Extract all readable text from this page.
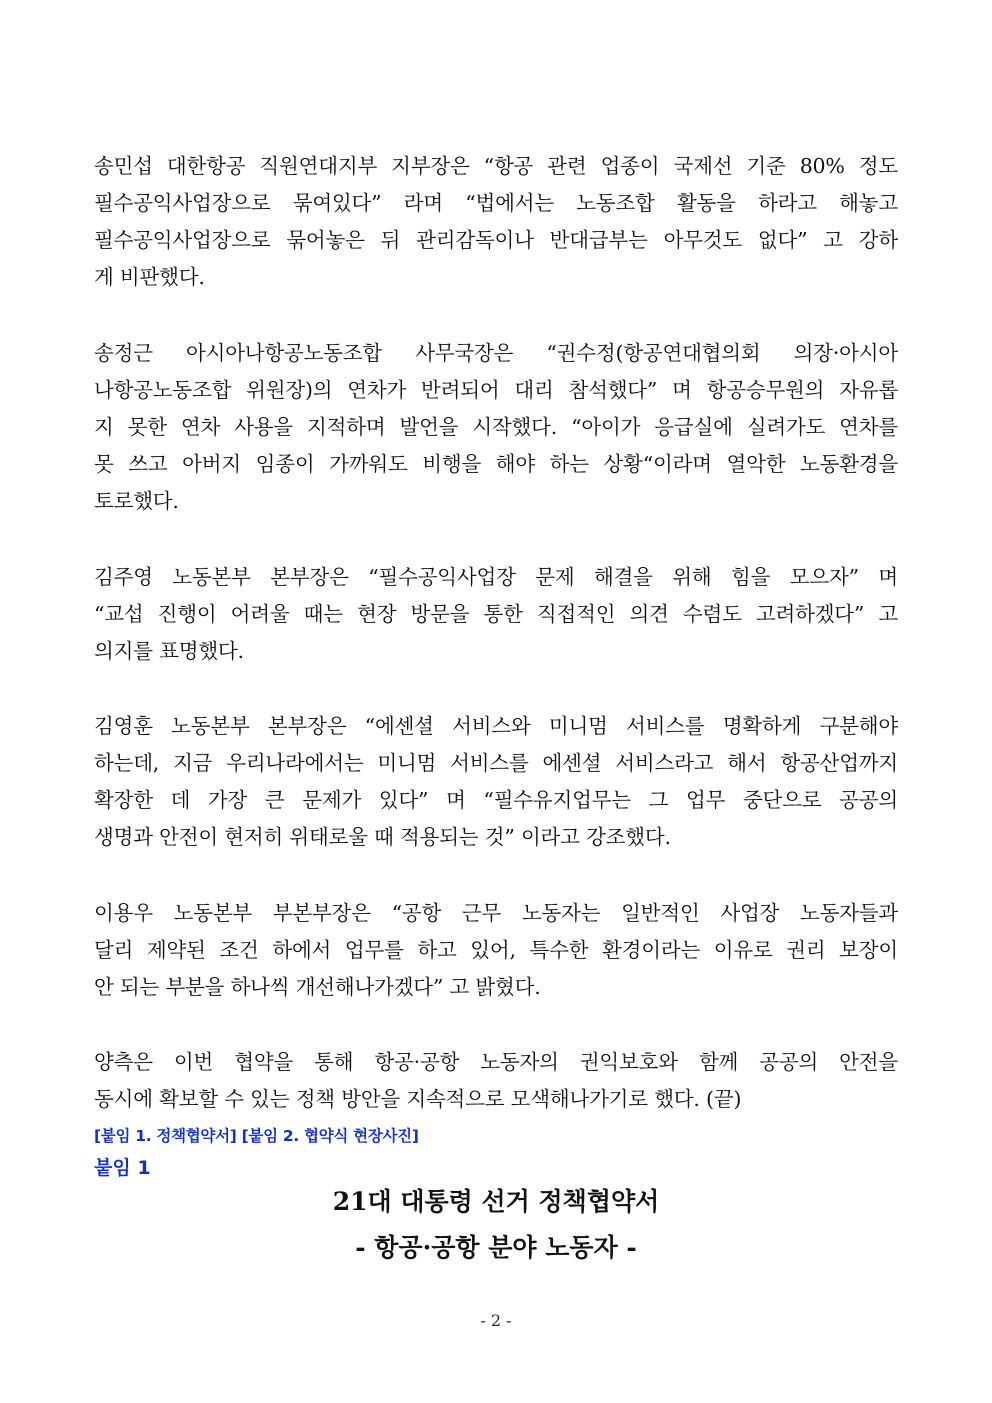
송민섭 대한항공 직원연대지부 지부장은 “항공 관련 업종이 국제선 기준 80% 정도
필수공익사업장으로 묶여있다” 라며 “법에서는 노동조합 활동을 하라고 해놓고
필수공익사업장으로 묶어놓은 뒤 관리감독이나 반대급부는 아무것도 없다” 고 강하
게 비판했다.
송정근 아시아나항공노동조합 사무국장은 “권수정(항공연대협의회 의장·아시아
나항공노동조합 위원장)의 연차가 반려되어 대리 참석했다” 며 항공승무원의 자유롭
지 못한 연차 사용을 지적하며 발언을 시작했다. “아이가 응급실에 실려가도 연차를
못 쓰고 아버지 임종이 가까워도 비행을 해야 하는 상황“이라며 열악한 노동환경을
토로했다.
김주영 노동본부 본부장은 “필수공익사업장 문제 해결을 위해 힘을 모으자” 며
“교섭 진행이 어려울 때는 현장 방문을 통한 직접적인 의견 수렴도 고려하겠다” 고
의지를 표명했다.
김영훈 노동본부 본부장은 “에센셜 서비스와 미니멈 서비스를 명확하게 구분해야
하는데, 지금 우리나라에서는 미니멈 서비스를 에센셜 서비스라고 해서 항공산업까지
확장한 데 가장 큰 문제가 있다” 며 “필수유지업무는 그 업무 중단으로 공공의
생명과 안전이 현저히 위태로울 때 적용되는 것” 이라고 강조했다.
이용우 노동본부 부본부장은 “공항 근무 노동자는 일반적인 사업장 노동자들과
달리 제약된 조건 하에서 업무를 하고 있어, 특수한 환경이라는 이유로 권리 보장이
안 되는 부분을 하나씩 개선해나가겠다” 고 밝혔다.
양측은 이번 협약을 통해 항공·공항 노동자의 권익보호와 함께 공공의 안전을
동시에 확보할 수 있는 정책 방안을 지속적으로 모색해나가기로 했다. (끝)
[붙임 1. 정책협약서] [붙임 2. 협약식 현장사진]
붙임 1
21대 대통령 선거 정책협약서
- 항공·공항 분야 노동자 -
- 2 -
